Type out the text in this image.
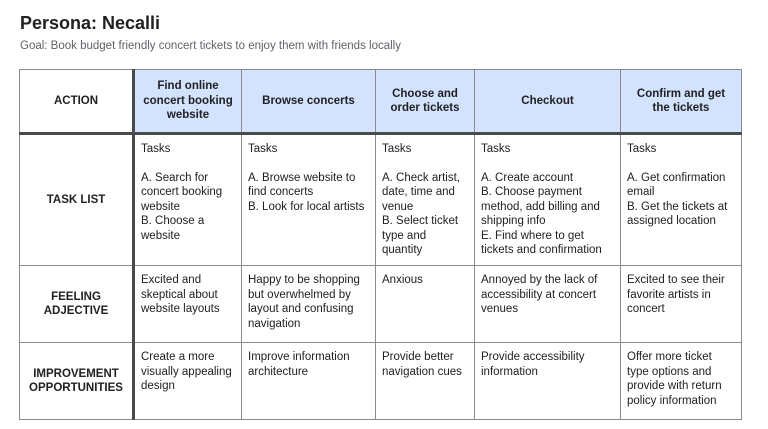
Persona: Necalli

Goal: Book budget friendly concert tickets to enjoy them with friends locally

ACTION	Find online concert booking website	Browse concerts	Choose and order tickets	Checkout	Confirm and get the tickets
TASK LIST	Tasks
A. Search for concert booking website
B. Choose a website	Tasks
A. Browse website to find concerts
B. Look for local artists	Tasks
A. Check artist, date, time and venue
B. Select ticket type and quantity	Tasks
A. Create account
B. Choose payment method, add billing and shipping info
E. Find where to get tickets and confirmation	Tasks
A. Get confirmation email
B. Get the tickets at assigned location

FEELING ADJECTIVE	Excited and skeptical about website layouts	Happy to be shopping but overwhelmed by layout and confusing navigation	Anxious	Annoyed by the lack of accessibility at concert venues	Excited to see their favorite artists in concert
IMPROVEMENT OPPORTUNITIES	Create a more visually appealing design	Improve information architecture	Provide better navigation cues	Provide accessibility information	Offer more ticket type options and provide with return policy information
